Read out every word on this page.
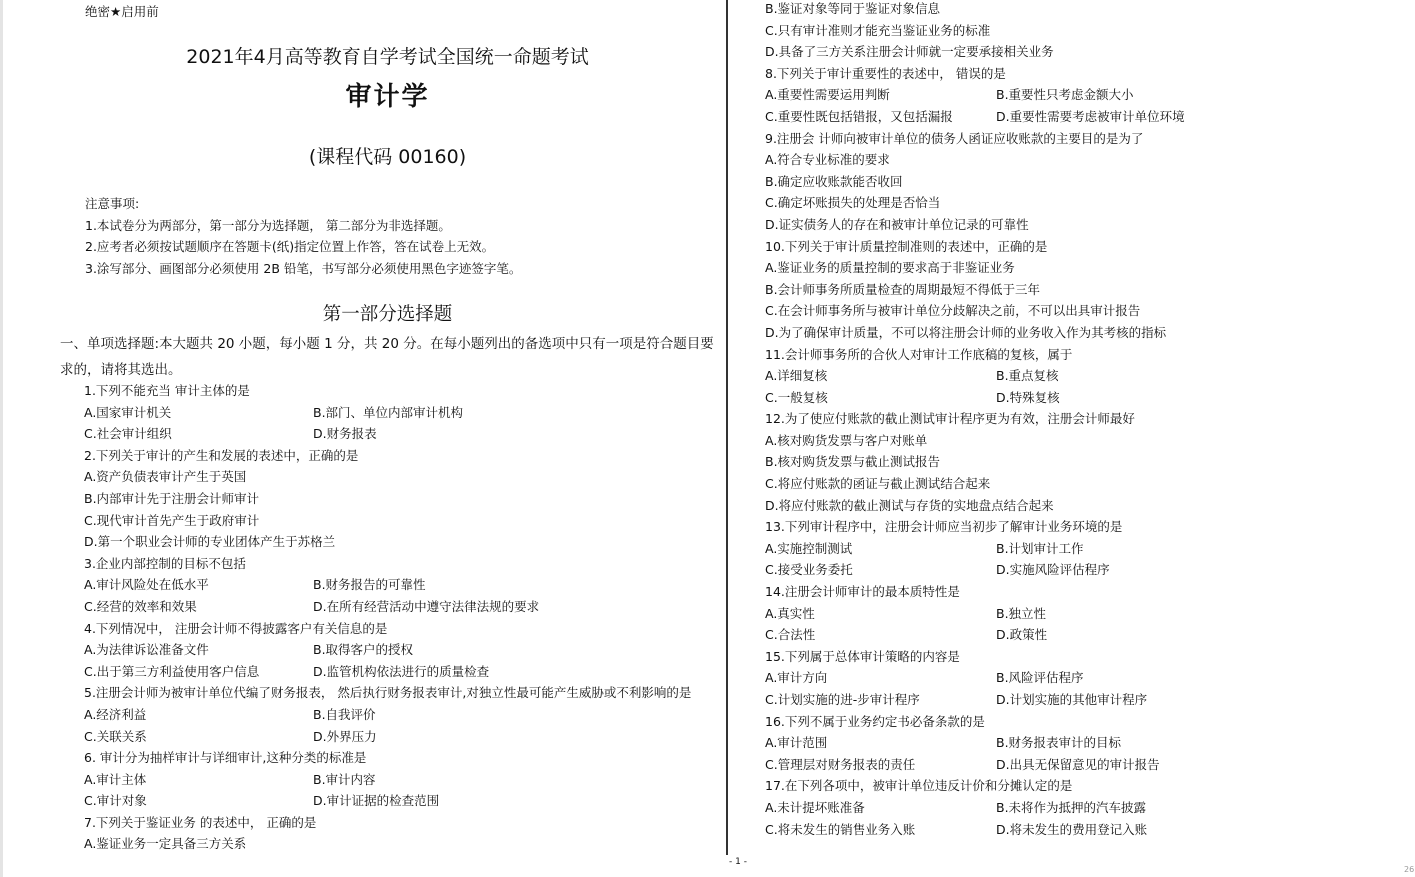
绝密★启用前
2021年4月高等教育自学考试全国统一命题考试
审计学
(课程代码 00160)
注意事项:
1.本试卷分为两部分，第一部分为选择题， 第二部分为非选择题。
2.应考者必须按试题顺序在答题卡(纸)指定位置上作答，答在试卷上无效。
3.涂写部分、画图部分必须使用 2B 铅笔，书写部分必须使用黑色字迹签字笔。
第一部分选择题
一、单项选择题:本大题共 20 小题，每小题 1 分，共 20 分。在每小题列出的备选项中只有一项是符合题目要求的，请将其选出。
1.下列不能充当 审计主体的是
A.国家审计机关	B.部门、单位内部审计机构
C.社会审计组织	D.财务报表
2.下列关于审计的产生和发展的表述中，正确的是
A.资产负债表审计产生于英国
B.内部审计先于注册会计师审计
C.现代审计首先产生于政府审计
D.第一个职业会计师的专业团体产生于苏格兰
3.企业内部控制的目标不包括
A.审计风险处在低水平	B.财务报告的可靠性
C.经营的效率和效果	D.在所有经营活动中遵守法律法规的要求
4.下列情况中， 注册会计师不得披露客户有关信息的是
A.为法律诉讼准备文件	B.取得客户的授权
C.出于第三方利益使用客户信息	D.监管机构依法进行的质量检查
5.注册会计师为被审计单位代编了财务报表， 然后执行财务报表审计,对独立性最可能产生威胁或不利影响的是
A.经济利益	B.自我评价
C.关联关系	D.外界压力
6. 审计分为抽样审计与详细审计,这种分类的标准是
A.审计主体	B.审计内容
C.审计对象	D.审计证据的检查范围
7.下列关于鉴证业务 的表述中， 正确的是
A.鉴证业务一定具备三方关系
B.鉴证对象等同于鉴证对象信息
C.只有审计准则才能充当鉴证业务的标准
D.具备了三方关系注册会计师就一定要承接相关业务
8.下列关于审计重要性的表述中， 错误的是
A.重要性需要运用判断	B.重要性只考虑金额大小
C.重要性既包括错报，又包括漏报	D.重要性需要考虑被审计单位环境
9.注册会 计师向被审计单位的债务人函证应收账款的主要目的是为了
A.符合专业标准的要求
B.确定应收账款能否收回
C.确定坏账损失的处理是否恰当
D.证实债务人的存在和被审计单位记录的可靠性
10.下列关于审计质量控制准则的表述中，正确的是
A.鉴证业务的质量控制的要求高于非鉴证业务
B.会计师事务所质量检查的周期最短不得低于三年
C.在会计师事务所与被审计单位分歧解决之前，不可以出具审计报告
D.为了确保审计质量，不可以将注册会计师的业务收入作为其考核的指标
11.会计师事务所的合伙人对审计工作底稿的复核，属于
A.详细复核	B.重点复核
C.一般复核	D.特殊复核
12.为了使应付账款的截止测试审计程序更为有效，注册会计师最好
A.核对购货发票与客户对账单
B.核对购货发票与截止测试报告
C.将应付账款的函证与截止测试结合起来
D.将应付账款的截止测试与存货的实地盘点结合起来
13.下列审计程序中，注册会计师应当初步了解审计业务环境的是
A.实施控制测试	B.计划审计工作
C.接受业务委托	D.实施风险评估程序
14.注册会计师审计的最本质特性是
A.真实性	B.独立性
C.合法性	D.政策性
15.下列属于总体审计策略的内容是
A.审计方向	B.风险评估程序
C.计划实施的进-步审计程序	D.计划实施的其他审计程序
16.下列不属于业务约定书必备条款的是
A.审计范围	B.财务报表审计的目标
C.管理层对财务报表的责任	D.出具无保留意见的审计报告
17.在下列各项中，被审计单位违反计价和分摊认定的是
A.未计提坏账准备	B.未将作为抵押的汽车披露
C.将未发生的销售业务入账	D.将未发生的费用登记入账
- 1 -
26
